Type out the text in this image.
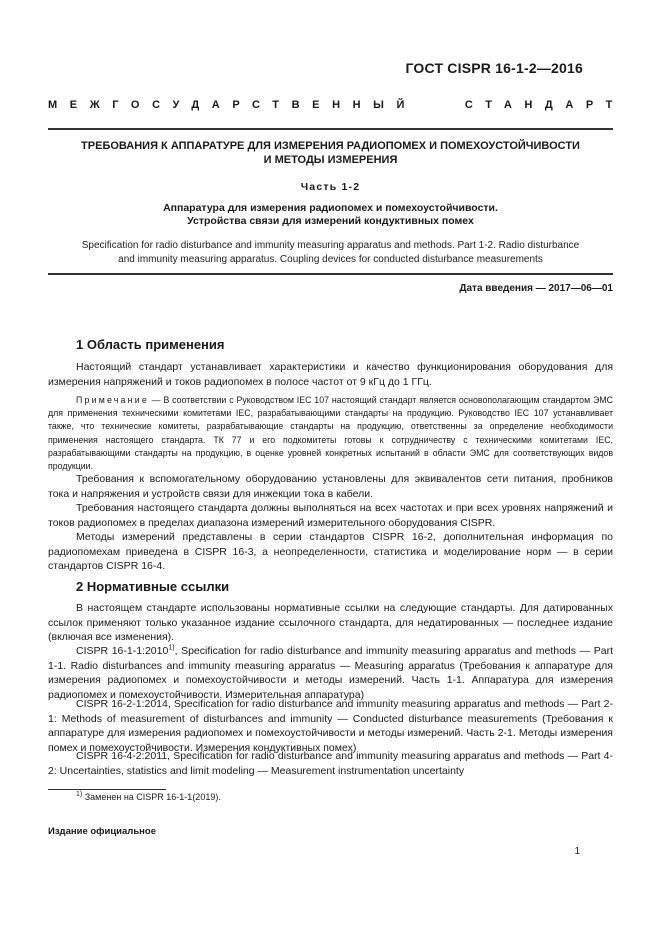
ГОСТ CISPR 16-1-2—2016
МЕЖГОСУДАРСТВЕННЫЙ	СТАНДАРТ
ТРЕБОВАНИЯ К АППАРАТУРЕ ДЛЯ ИЗМЕРЕНИЯ РАДИОПОМЕХ И ПОМЕХОУСТОЙЧИВОСТИ
И МЕТОДЫ ИЗМЕРЕНИЯ
Часть 1-2
Аппаратура для измерения радиопомех и помехоустойчивости.
Устройства связи для измерений кондуктивных помех
Specification for radio disturbance and immunity measuring apparatus and methods. Part 1-2. Radio disturbance
and immunity measuring apparatus. Coupling devices for conducted disturbance measurements
Дата введения — 2017—06—01
1 Область применения

Настоящий стандарт устанавливает характеристики и качество функционирования оборудования для измерения напряжений и токов радиопомех в полосе частот от 9 кГц до 1 ГГц.

Примечание — В соответствии с Руководством IEC 107 настоящий стандарт является основополагающим стандартом ЭМС для применения техническими комитетами IEC, разрабатывающими стандарты на продукцию. Руководство IEC 107 устанавливает также, что технические комитеты, разрабатывающие стандарты на продукцию, ответственны за определение необходимости применения настоящего стандарта. ТК 77 и его подкомитеты готовы к сотрудничеству с техническими комитетами IEC, разрабатывающими стандарты на продукцию, в оценке уровней конкретных испытаний в области ЭМС для соответствующих видов продукции.

Требования к вспомогательному оборудованию установлены для эквивалентов сети питания, пробников тока и напряжения и устройств связи для инжекции тока в кабели.

Требования настоящего стандарта должны выполняться на всех частотах и при всех уровнях напряжений и токов радиопомех в пределах диапазона измерений измерительного оборудования CISPR.

Методы измерений представлены в серии стандартов CISPR 16-2, дополнительная информация по радиопомехам приведена в CISPR 16-3, а неопределенности, статистика и моделирование норм — в серии стандартов CISPR 16-4.

2 Нормативные ссылки

В настоящем стандарте использованы нормативные ссылки на следующие стандарты. Для датированных ссылок применяют только указанное издание ссылочного стандарта, для недатированных — последнее издание (включая все изменения).

CISPR 16-1-1:2010$^{1)}$, Specification for radio disturbance and immunity measuring apparatus and methods — Part 1-1. Radio disturbances and immunity measuring apparatus — Measuring apparatus (Требования к аппаратуре для измерения радиопомех и помехоустойчивости и методы измерений. Часть 1-1. Аппаратура для измерения радиопомех и помехоустойчивости. Измерительная аппаратура)

CISPR 16-2-1:2014, Specification for radio disturbance and immunity measuring apparatus and methods — Part 2-1: Methods of measurement of disturbances and immunity — Conducted disturbance measurements (Требования к аппаратуре для измерения радиопомех и помехоустойчивости и методы измерений. Часть 2-1. Методы измерения помех и помехоустойчивости. Измерения кондуктивных помех)

CISPR 16-4-2:2011, Specification for radio disturbance and immunity measuring apparatus and methods — Part 4-2: Uncertainties, statistics and limit modeling — Measurement instrumentation uncertainty

$^{1)}$ Заменен на CISPR 16-1-1(2019).
Издание официальное
1
